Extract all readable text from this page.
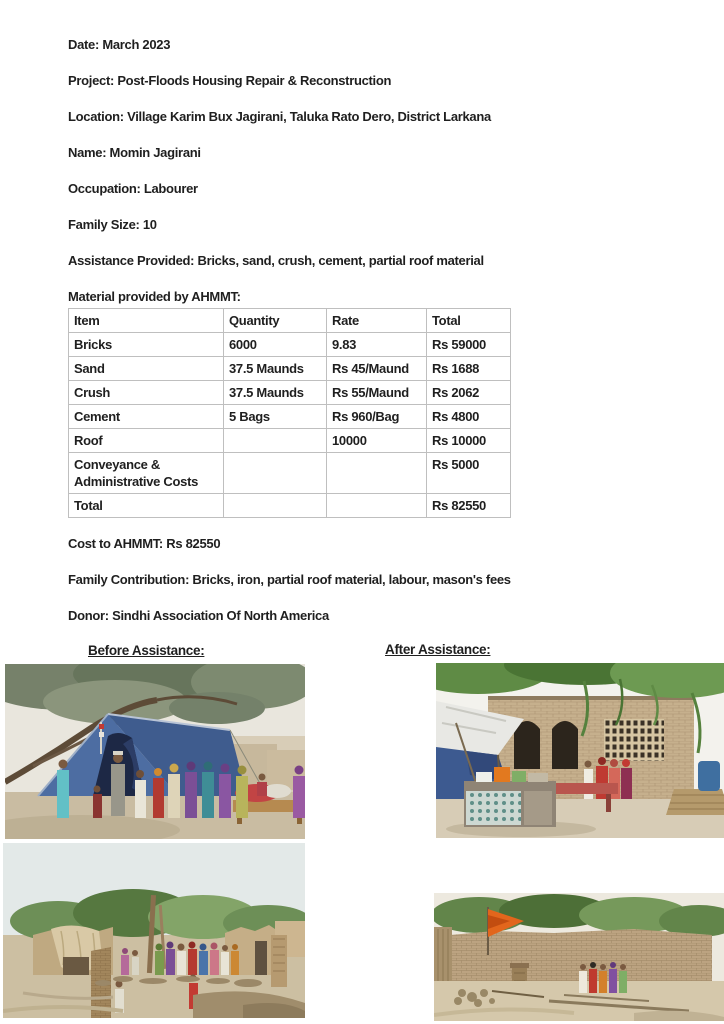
Date: March 2023

Project: Post-Floods Housing Repair & Reconstruction

Location: Village Karim Bux Jagirani, Taluka Rato Dero, District Larkana

Name: Momin Jagirani

Occupation: Labourer

Family Size: 10

Assistance Provided: Bricks, sand, crush, cement, partial roof material

Material provided by AHMMT:

Item	Quantity	Rate	Total
Bricks	6000	9.83	Rs 59000
Sand	37.5 Maunds	Rs 45/Maund	Rs 1688
Crush	37.5 Maunds	Rs 55/Maund	Rs 2062
Cement	5 Bags	Rs 960/Bag	Rs 4800
Roof		10000	Rs 10000
Conveyance & Administrative Costs			Rs 5000
Total			Rs 82550

Cost to AHMMT: Rs 82550

Family Contribution: Bricks, iron, partial roof material, labour, mason's fees

Donor: Sindhi Association Of North America

Before Assistance:	After Assistance:
